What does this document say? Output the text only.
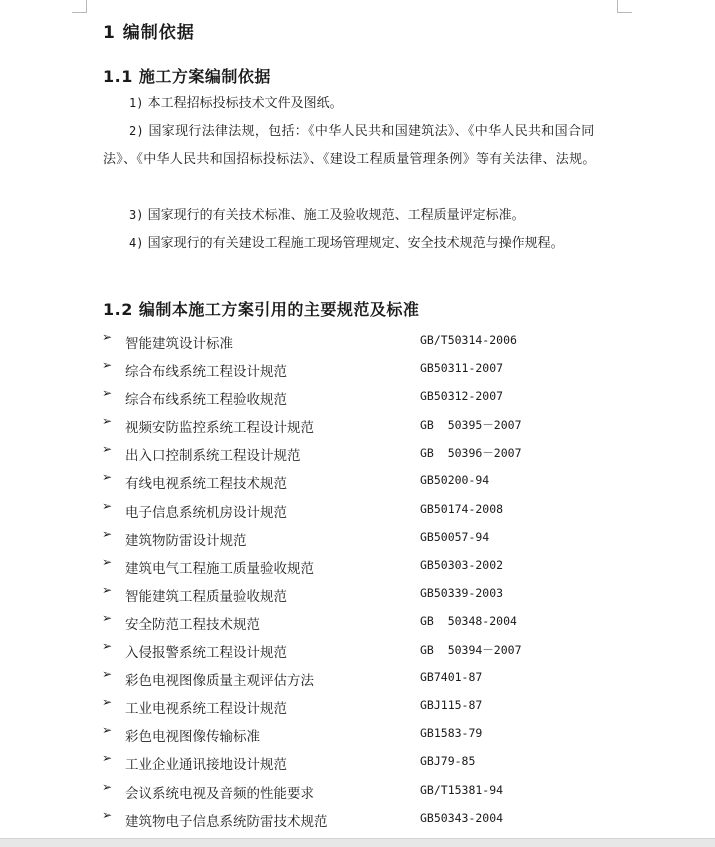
1 编制依据
1.1 施工方案编制依据
1) 本工程招标投标技术文件及图纸。
2) 国家现行法律法规，包括：《中华人民共和国建筑法》、《中华人民共和国合同法》、《中华人民共和国招标投标法》、《建设工程质量管理条例》等有关法律、法规。
3) 国家现行的有关技术标准、施工及验收规范、工程质量评定标准。
4) 国家现行的有关建设工程施工现场管理规定、安全技术规范与操作规程。
1.2 编制本施工方案引用的主要规范及标准
➢ 智能建筑设计标准	GB/T50314-2006
➢ 综合布线系统工程设计规范	GB50311-2007
➢ 综合布线系统工程验收规范	GB50312-2007
➢ 视频安防监控系统工程设计规范	GB  50395－2007
➢ 出入口控制系统工程设计规范	GB  50396－2007
➢ 有线电视系统工程技术规范	GB50200-94
➢ 电子信息系统机房设计规范	GB50174-2008
➢ 建筑物防雷设计规范	GB50057-94
➢ 建筑电气工程施工质量验收规范	GB50303-2002
➢ 智能建筑工程质量验收规范	GB50339-2003
➢ 安全防范工程技术规范	GB  50348-2004
➢ 入侵报警系统工程设计规范	GB  50394－2007
➢ 彩色电视图像质量主观评估方法	GB7401-87
➢ 工业电视系统工程设计规范	GBJ115-87
➢ 彩色电视图像传输标准	GB1583-79
➢ 工业企业通讯接地设计规范	GBJ79-85
➢ 会议系统电视及音频的性能要求	GB/T15381-94
➢ 建筑物电子信息系统防雷技术规范	GB50343-2004
